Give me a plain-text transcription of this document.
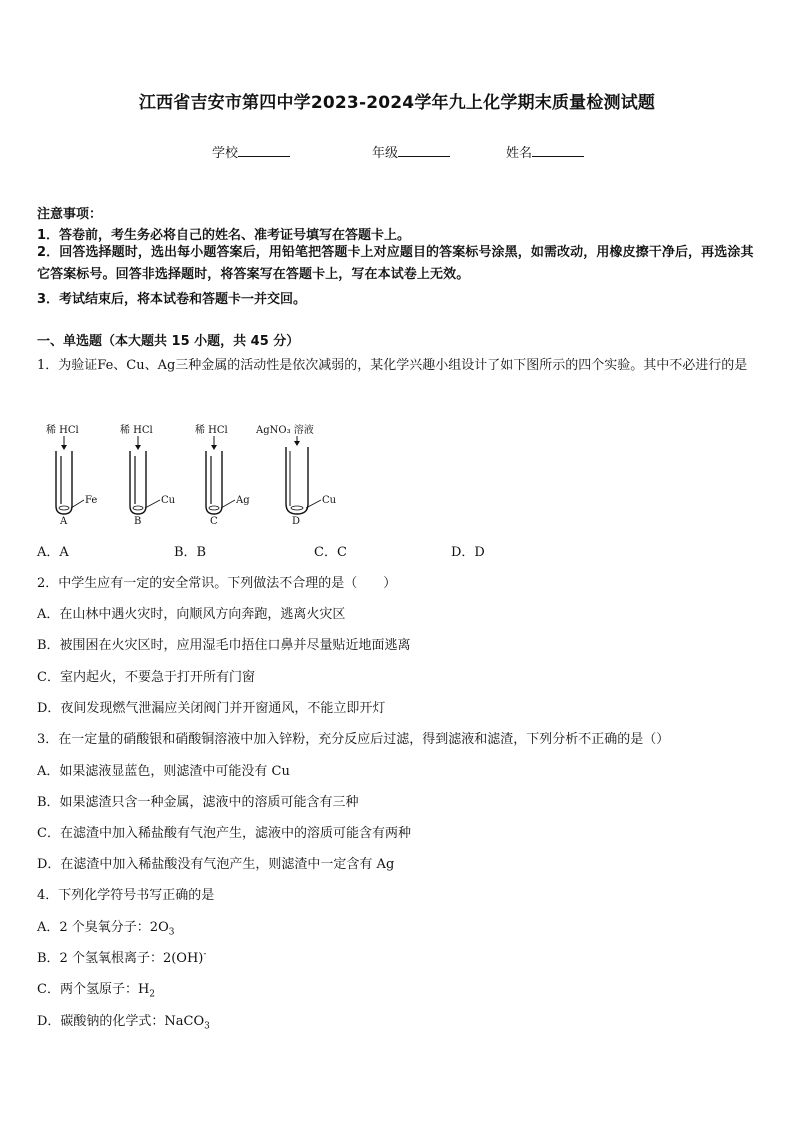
江西省吉安市第四中学2023-2024学年九上化学期末质量检测试题
学校	年级	姓名
注意事项：
1．答卷前，考生务必将自己的姓名、准考证号填写在答题卡上。
2．回答选择题时，选出每小题答案后，用铅笔把答题卡上对应题目的答案标号涂黑，如需改动，用橡皮擦干净后，再选涂其它答案标号。回答非选择题时，将答案写在答题卡上，写在本试卷上无效。
3．考试结束后，将本试卷和答题卡一并交回。
一、单选题（本大题共 15 小题，共 45 分）
1．为验证Fe、Cu、Ag三种金属的活动性是依次减弱的，某化学兴趣小组设计了如下图所示的四个实验。其中不必进行的是
稀 HCl
Fe
A
稀 HCl
Cu
B
稀 HCl
Ag
C
AgNO₃ 溶液
Cu
D
A．A	B．B	C．C	D．D
2．中学生应有一定的安全常识。下列做法不合理的是（　　）
A．在山林中遇火灾时，向顺风方向奔跑，逃离火灾区
B．被围困在火灾区时，应用湿毛巾捂住口鼻并尽量贴近地面逃离
C．室内起火，不要急于打开所有门窗
D．夜间发现燃气泄漏应关闭阀门并开窗通风，不能立即开灯
3．在一定量的硝酸银和硝酸铜溶液中加入锌粉，充分反应后过滤，得到滤液和滤渣，下列分析不正确的是（）
A．如果滤液显蓝色，则滤渣中可能没有 Cu
B．如果滤渣只含一种金属，滤液中的溶质可能含有三种
C．在滤渣中加入稀盐酸有气泡产生，滤液中的溶质可能含有两种
D．在滤渣中加入稀盐酸没有气泡产生，则滤渣中一定含有 Ag
4．下列化学符号书写正确的是
A．2 个臭氧分子：$2O_3$
B．2 个氢氧根离子：2(OH)-
C．两个氢原子：$H_2$
D．碳酸钠的化学式：NaCO$_3$
